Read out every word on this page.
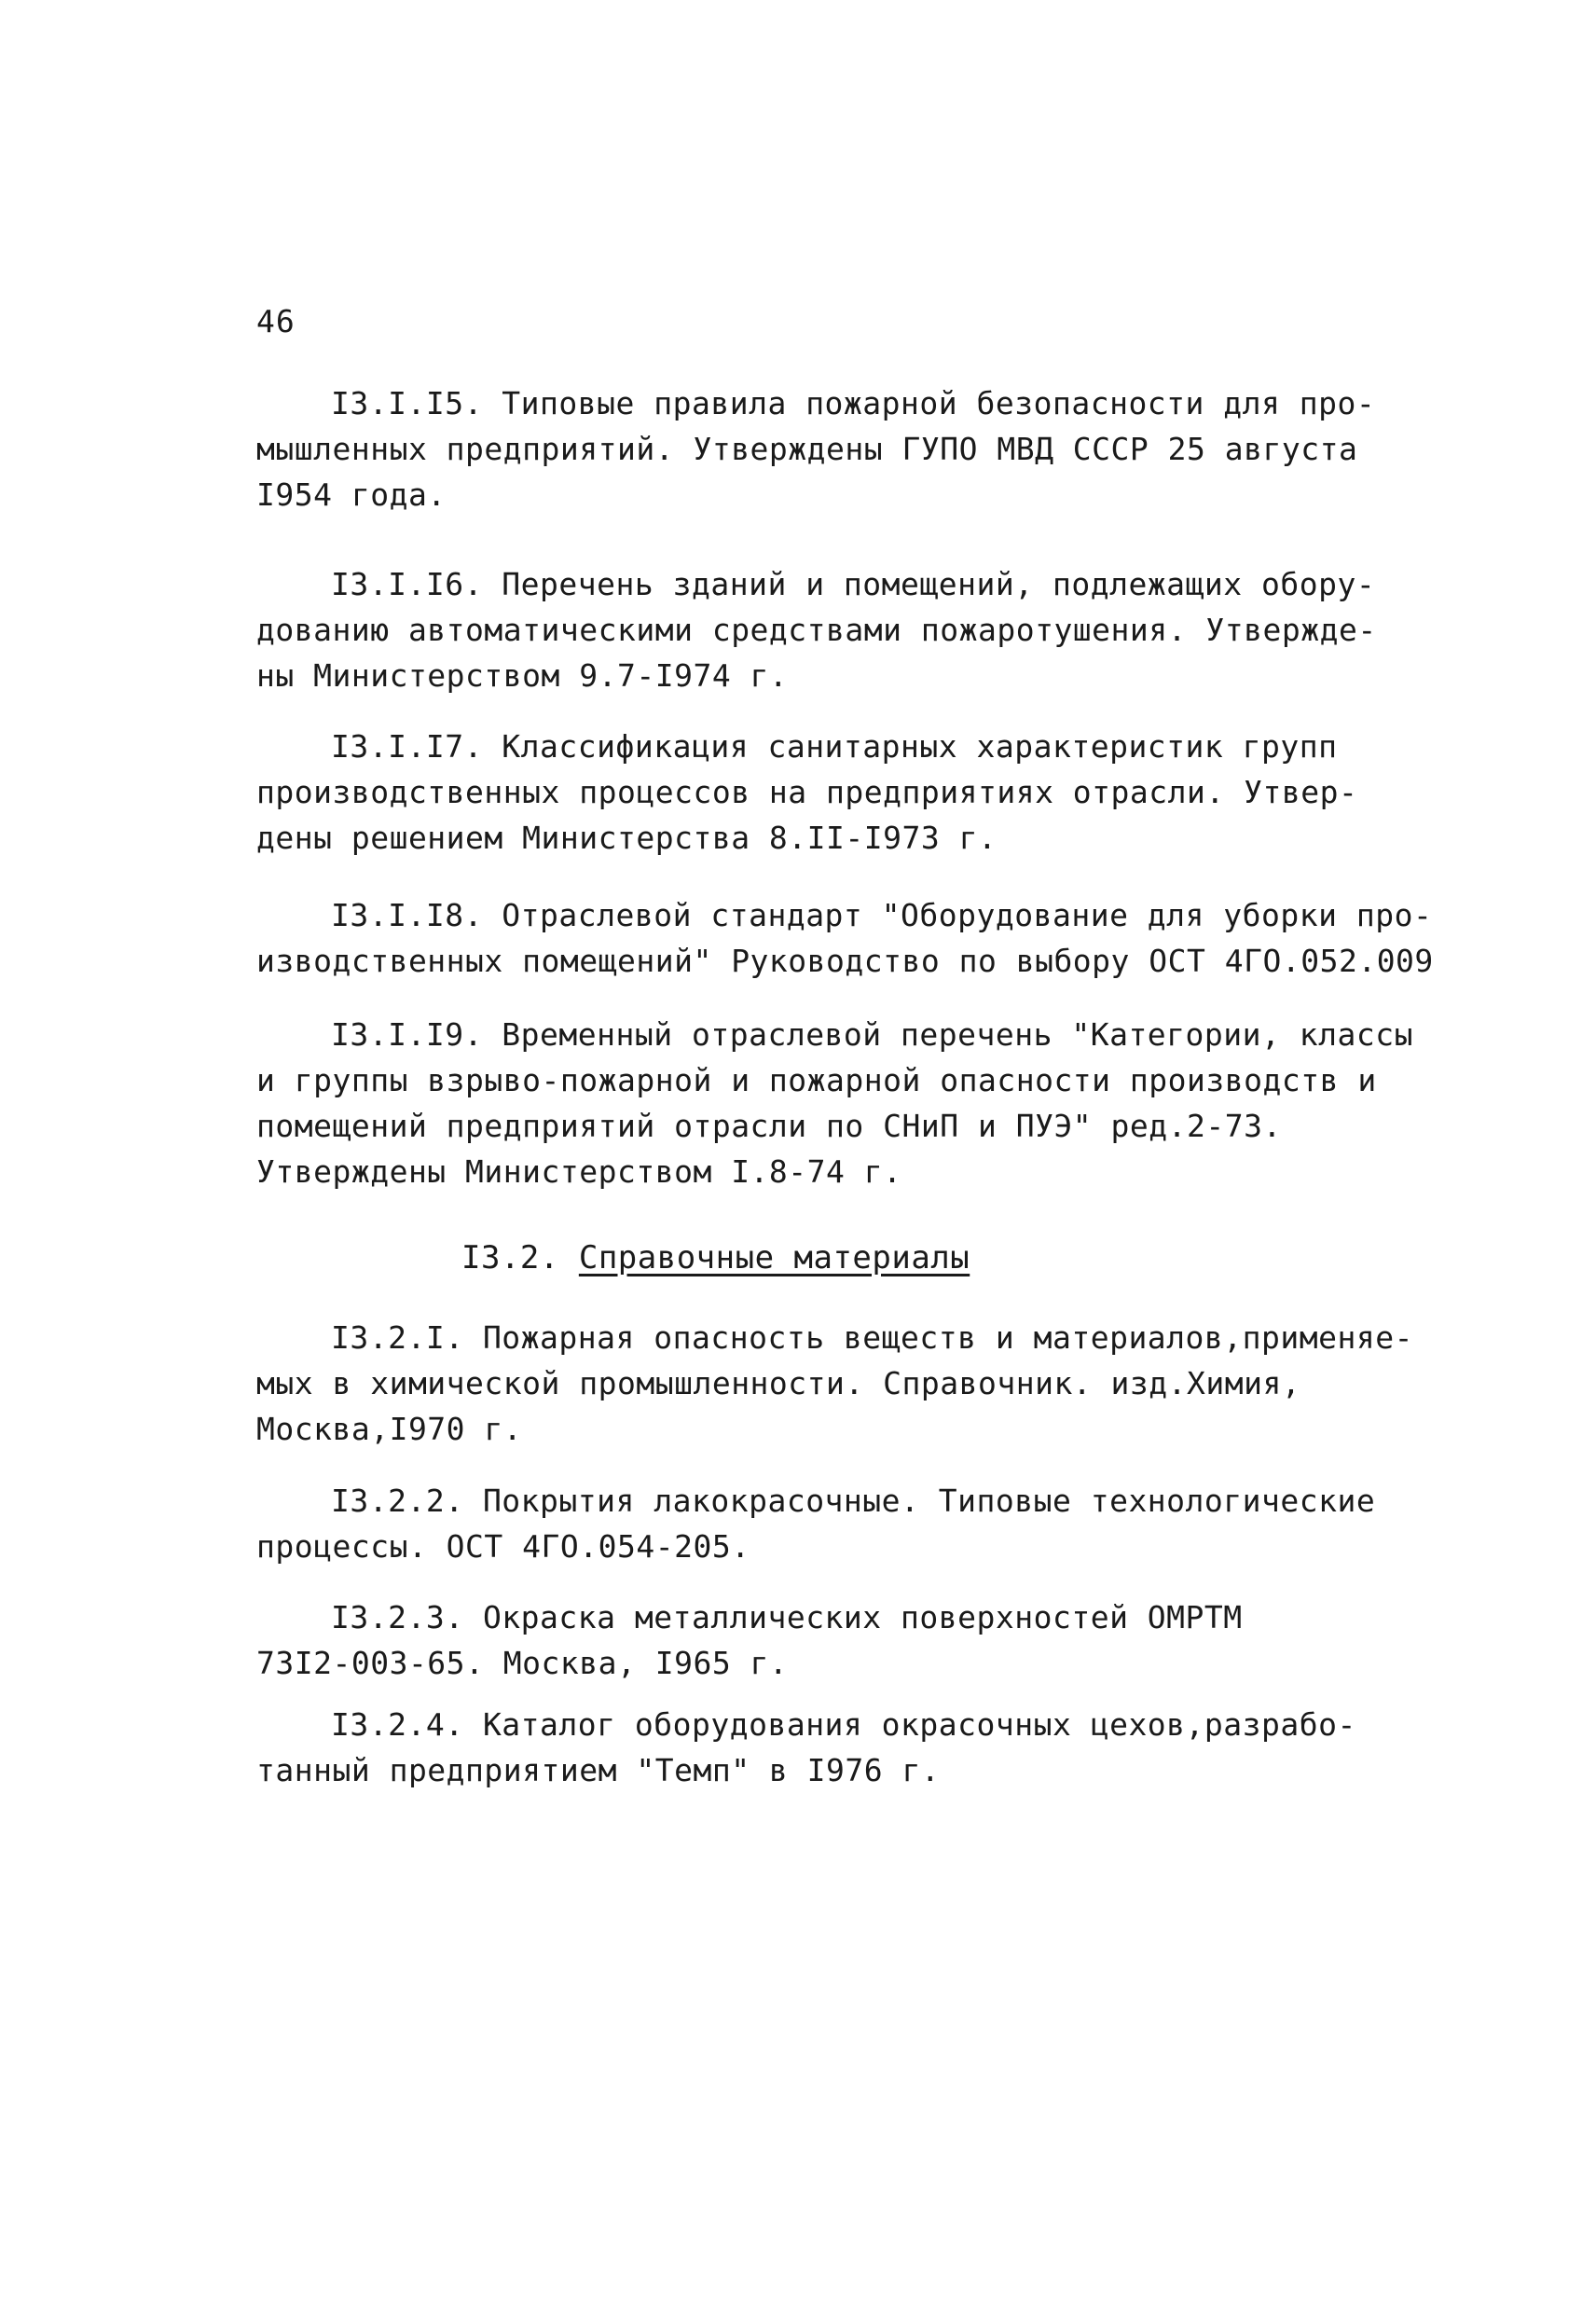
46
I3.I.I5. Типовые правила пожарной безопасности для про-
мышленных предприятий. Утверждены ГУПО МВД СССР 25 августа
I954 года.
I3.I.I6. Перечень зданий и помещений, подлежащих обору-
дованию автоматическими средствами пожаротушения. Утвержде-
ны Министерством 9.7-I974 г.
I3.I.I7. Классификация санитарных характеристик групп
производственных процессов на предприятиях отрасли. Утвер-
дены решением Министерства 8.II-I973 г.
I3.I.I8. Отраслевой стандарт "Оборудование для уборки про-
изводственных помещений" Руководство по выбору ОСТ 4ГО.052.009
I3.I.I9. Временный отраслевой перечень "Категории, классы
и группы взрыво-пожарной и пожарной опасности производств и
помещений предприятий отрасли по СНиП и ПУЭ" ред.2-73.
Утверждены Министерством I.8-74 г.
I3.2. Справочные материалы
I3.2.I. Пожарная опасность веществ и материалов,применяе-
мых в химической промышленности. Справочник. изд.Химия,
Москва,I970 г.
I3.2.2. Покрытия лакокрасочные. Типовые технологические
процессы. ОСТ 4ГО.054-205.
I3.2.3. Окраска металлических поверхностей ОМРТМ
73I2-003-65. Москва, I965 г.
I3.2.4. Каталог оборудования окрасочных цехов,разрабо-
танный предприятием "Темп" в I976 г.
